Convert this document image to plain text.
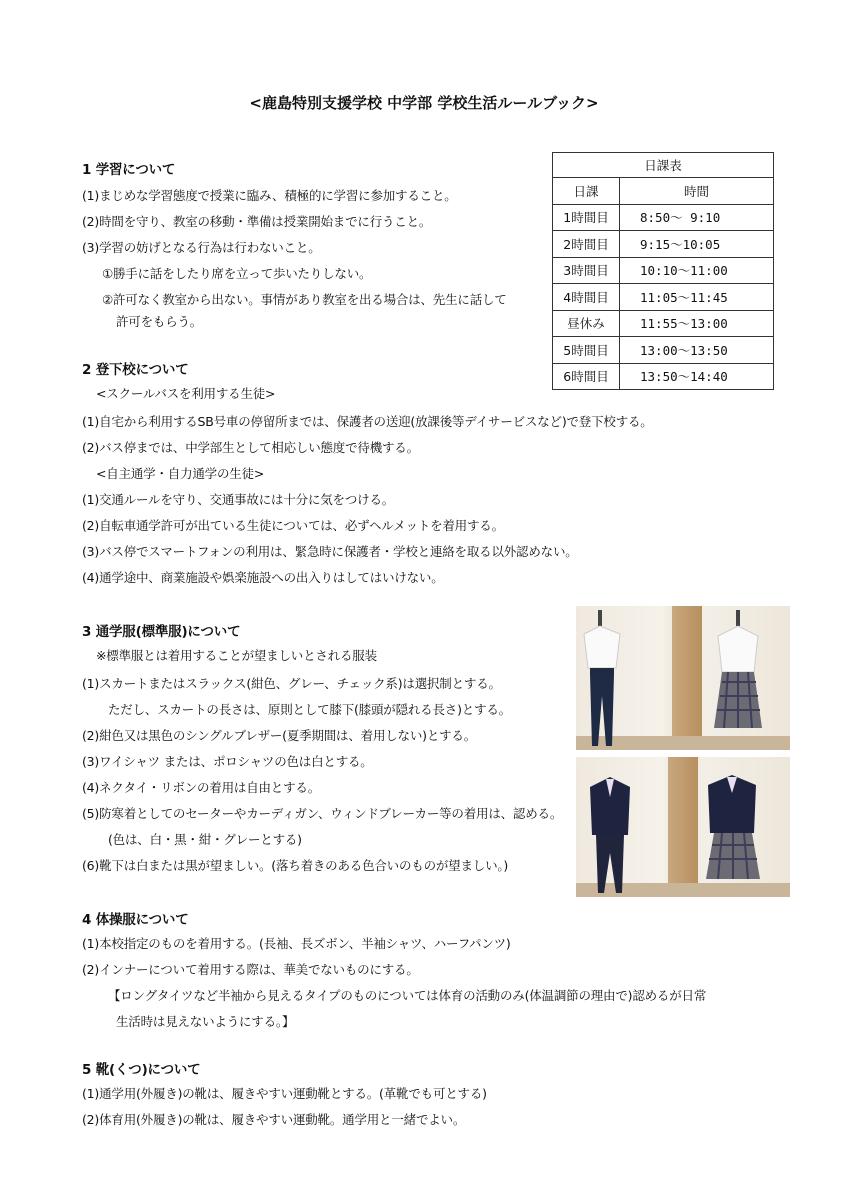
<鹿島特別支援学校 中学部 学校生活ルールブック>
日課表	
日課	時間
1時間目	8:50～ 9:10
2時間目	9:15～10:05
3時間目	10:10～11:00
4時間目	11:05～11:45
昼休み	11:55～13:00
5時間目	13:00～13:50
6時間目	13:50～14:40
1 学習について
(1)まじめな学習態度で授業に臨み、積極的に学習に参加すること。
(2)時間を守り、教室の移動・準備は授業開始までに行うこと。
(3)学習の妨げとなる行為は行わないこと。
①勝手に話をしたり席を立って歩いたりしない。
②許可なく教室から出ない。事情があり教室を出る場合は、先生に話して
許可をもらう。
2 登下校について
<スクールバスを利用する生徒>
(1)自宅から利用するSB号車の停留所までは、保護者の送迎(放課後等デイサービスなど)で登下校する。
(2)バス停までは、中学部生として相応しい態度で待機する。
<自主通学・自力通学の生徒>
(1)交通ルールを守り、交通事故には十分に気をつける。
(2)自転車通学許可が出ている生徒については、必ずヘルメットを着用する。
(3)バス停でスマートフォンの利用は、緊急時に保護者・学校と連絡を取る以外認めない。
(4)通学途中、商業施設や娯楽施設への出入りはしてはいけない。
3 通学服(標準服)について
※標準服とは着用することが望ましいとされる服装
(1)スカートまたはスラックス(紺色、グレー、チェック系)は選択制とする。
ただし、スカートの長さは、原則として膝下(膝頭が隠れる長さ)とする。
(2)紺色又は黒色のシングルブレザー(夏季期間は、着用しない)とする。
(3)ワイシャツ または、ポロシャツの色は白とする。
(4)ネクタイ・リボンの着用は自由とする。
(5)防寒着としてのセーターやカーディガン、ウィンドブレーカー等の着用は、認める。
(色は、白・黒・紺・グレーとする)
(6)靴下は白または黒が望ましい。(落ち着きのある色合いのものが望ましい。)
4 体操服について
(1)本校指定のものを着用する。(長袖、長ズボン、半袖シャツ、ハーフパンツ)
(2)インナーについて着用する際は、華美でないものにする。
【ロングタイツなど半袖から見えるタイプのものについては体育の活動のみ(体温調節の理由で)認めるが日常
生活時は見えないようにする。】
5 靴(くつ)について
(1)通学用(外履き)の靴は、履きやすい運動靴とする。(革靴でも可とする)
(2)体育用(外履き)の靴は、履きやすい運動靴。通学用と一緒でよい。
